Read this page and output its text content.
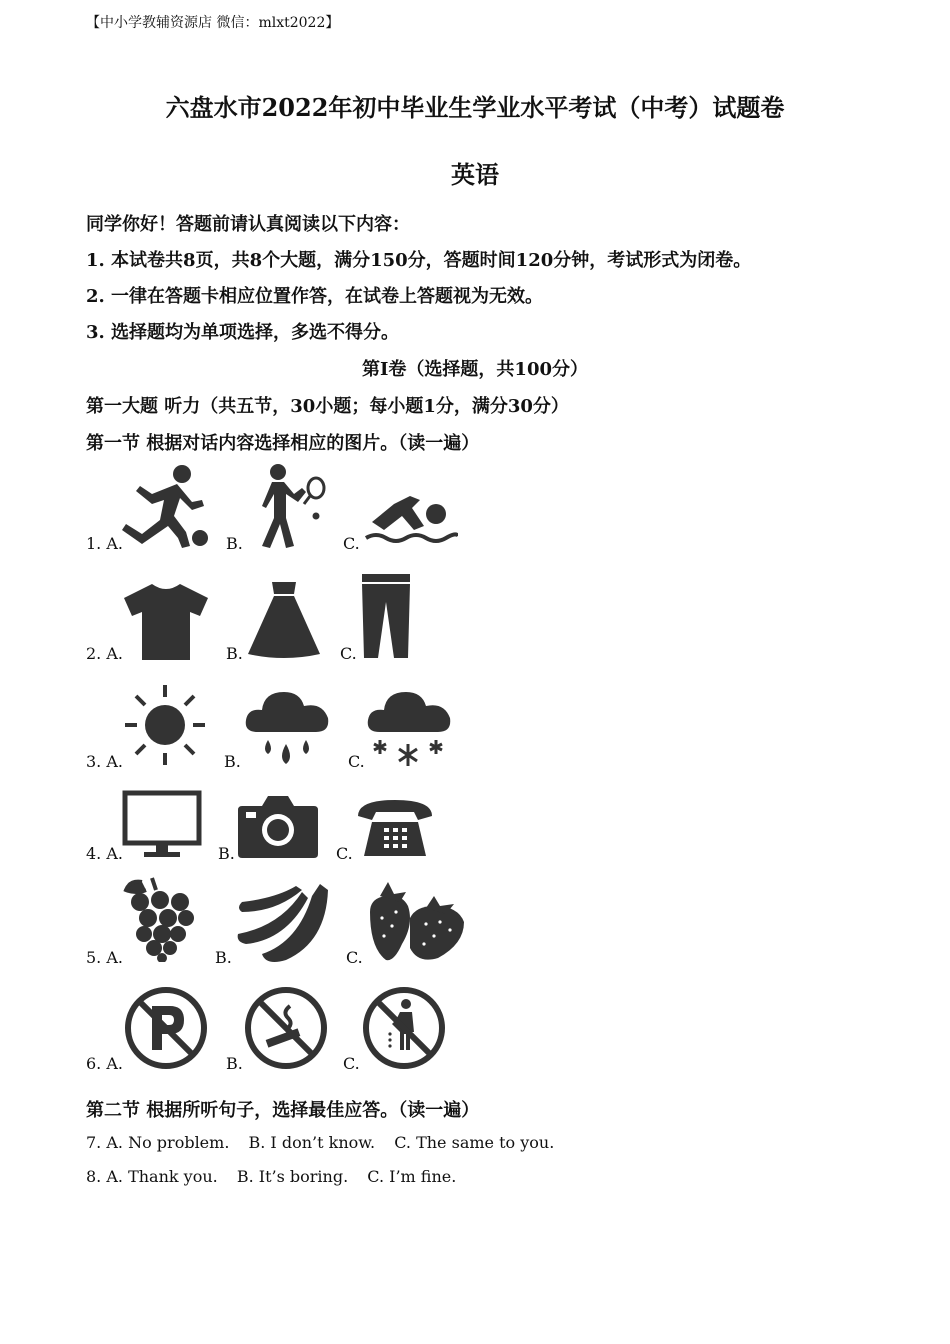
【中小学教辅资源店 微信：mlxt2022】
六盘水市2022年初中毕业生学业水平考试（中考）试题卷
英语
同学你好！答题前请认真阅读以下内容：
1. 本试卷共8页，共8个大题，满分150分，答题时间120分钟，考试形式为闭卷。
2. 一律在答题卡相应位置作答，在试卷上答题视为无效。
3. 选择题均为单项选择，多选不得分。
第Ⅰ卷（选择题，共100分）
第一大题 听力（共五节，30小题；每小题1分，满分30分）
第一节 根据对话内容选择相应的图片。（读一遍）
1. A.	B.	C.
2. A.	B.	C.
3. A.	B.	C.
4. A.	B.	C.
5. A.	B.	C.
6. A.	B.	C.
第二节 根据所听句子，选择最佳应答。（读一遍）
7. A. No problem. B. I don’t know. C. The same to you.
8. A. Thank you. B. It’s boring. C. I’m fine.
